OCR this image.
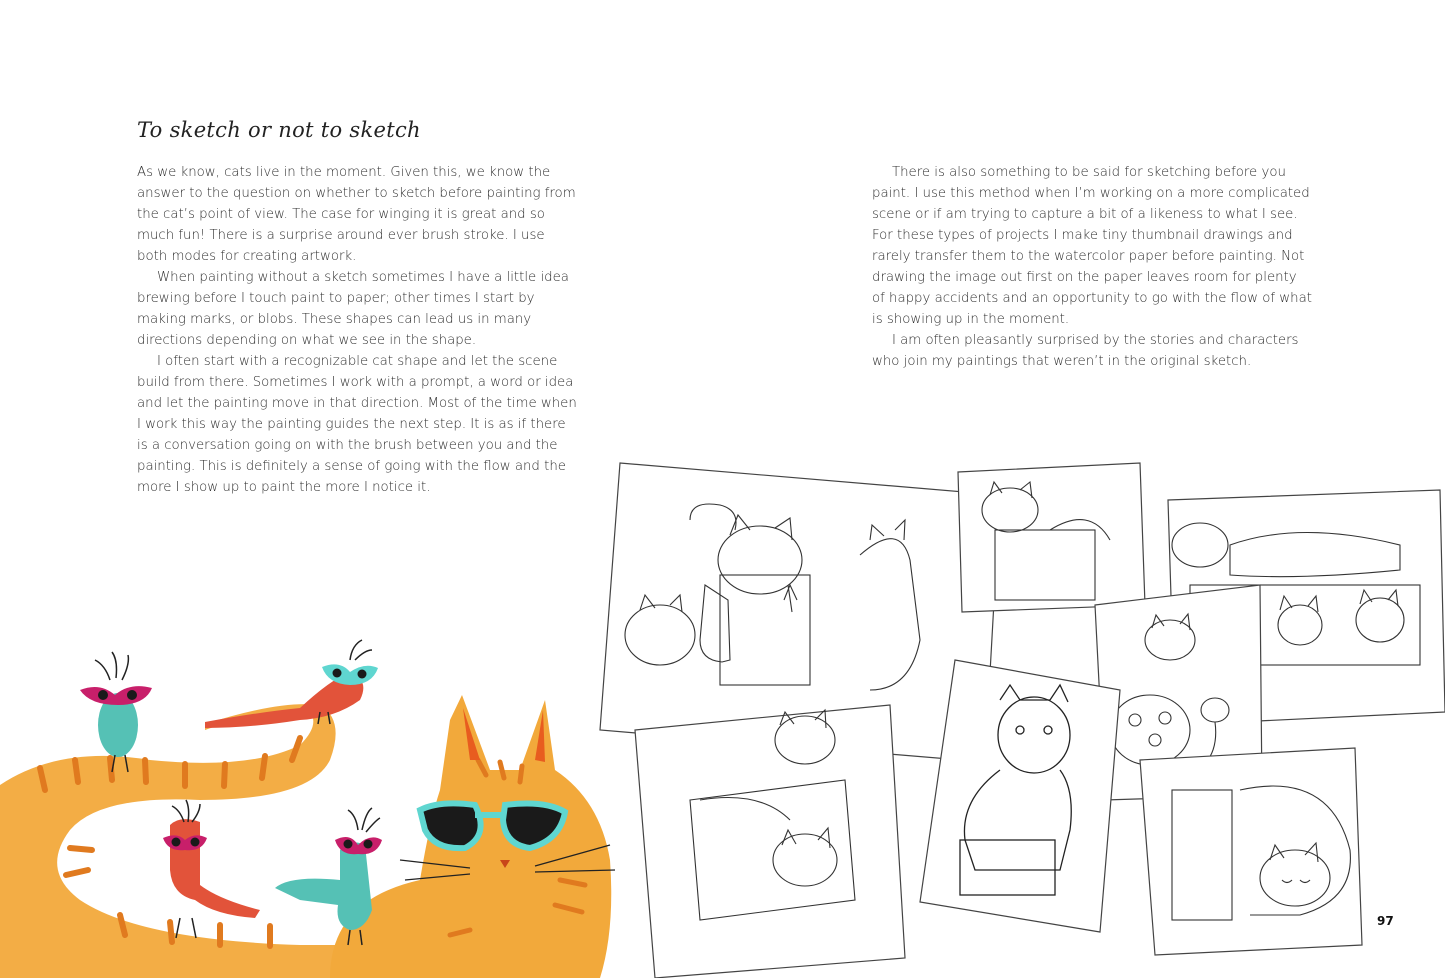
To sketch or not to sketch

As we know, cats live in the moment. Given this, we know the answer to the question on whether to sketch before painting from the cat’s point of view. The case for winging it is great and so much fun! There is a surprise around ever brush stroke. I use both modes for creating artwork.

When painting without a sketch sometimes I have a little idea brewing before I touch paint to paper; other times I start by making marks, or blobs. These shapes can lead us in many directions depending on what we see in the shape.

I often start with a recognizable cat shape and let the scene build from there. Sometimes I work with a prompt, a word or idea and let the painting move in that direction. Most of the time when I work this way the painting guides the next step. It is as if there is a conversation going on with the brush between you and the painting. This is definitely a sense of going with the flow and the more I show up to paint the more I notice it.

There is also something to be said for sketching before you paint. I use this method when I’m working on a more complicated scene or if am trying to capture a bit of a likeness to what I see. For these types of projects I make tiny thumbnail drawings and rarely transfer them to the watercolor paper before painting. Not drawing the image out first on the paper leaves room for plenty of happy accidents and an opportunity to go with the flow of what is showing up in the moment.

I am often pleasantly surprised by the stories and characters who join my paintings that weren’t in the original sketch.

97
